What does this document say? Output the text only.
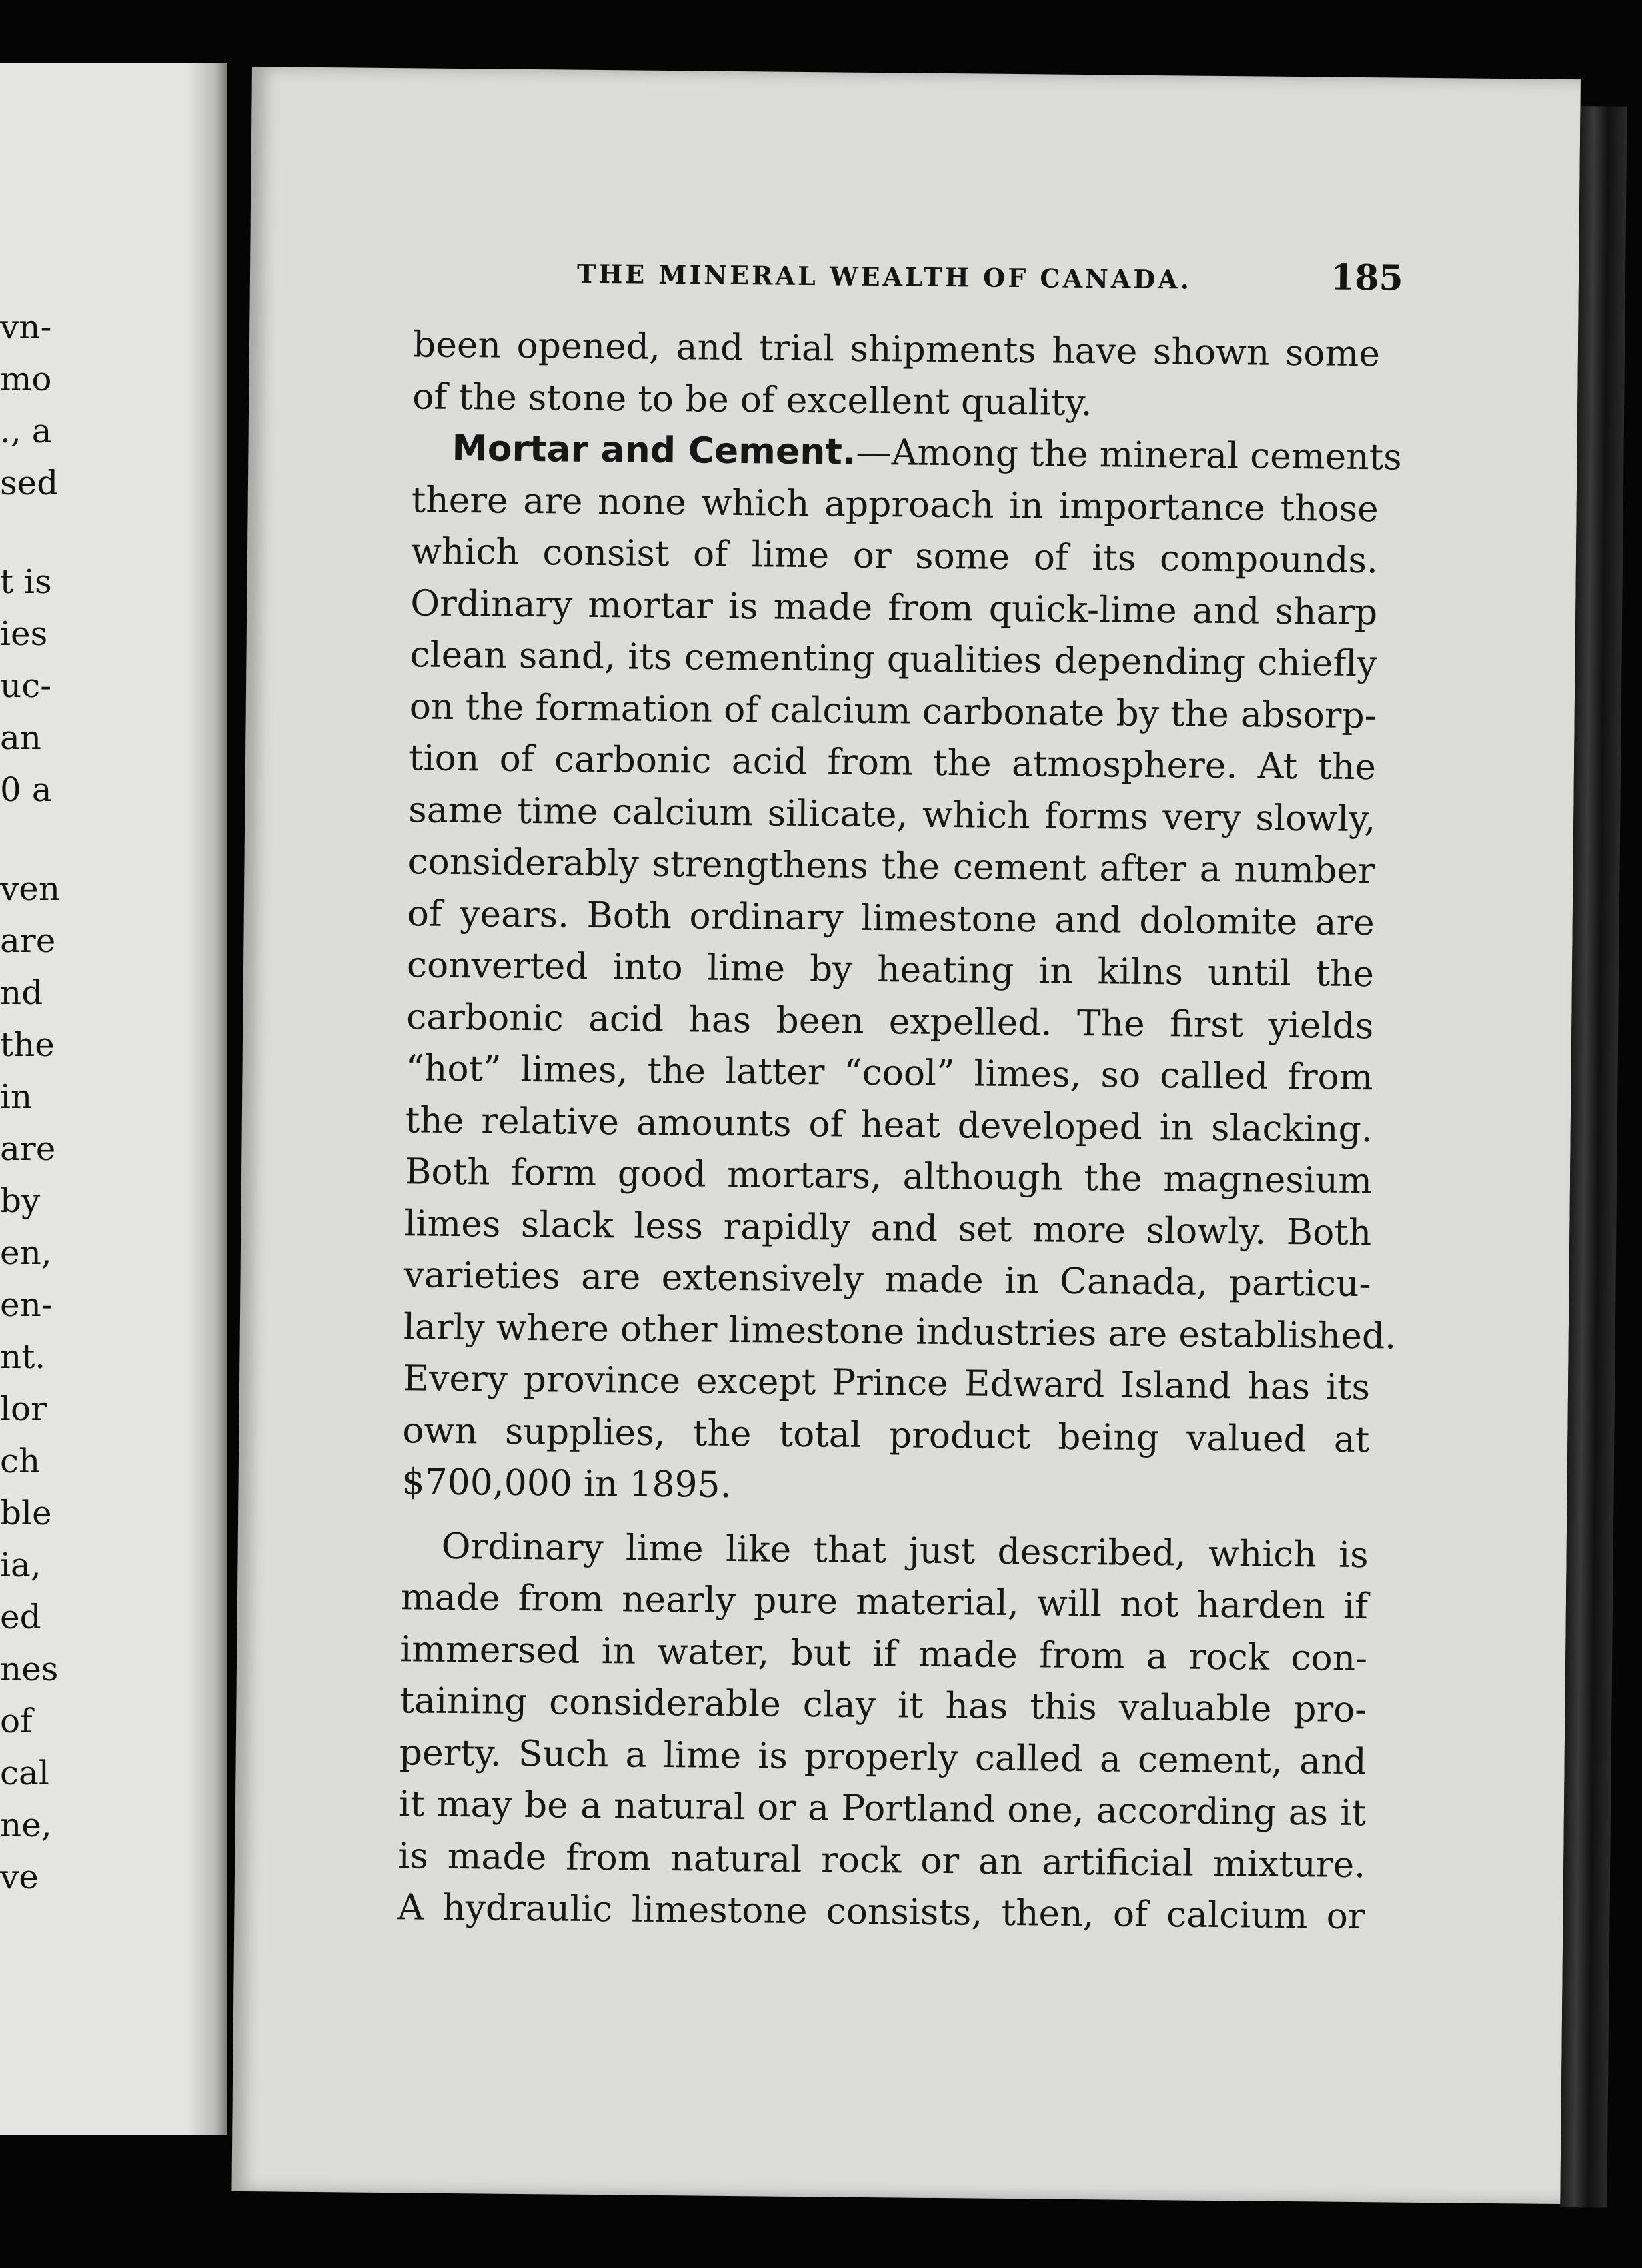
vn-
mo
., a
sed
t is
ies
uc-
an
0 a
ven
are
nd
the
in
are
by
en,
en-
nt.
lor
ch
ble
ia,
ed
nes
of
cal
ne,
ve
THE MINERAL WEALTH OF CANADA.	185

been opened, and trial shipments have shown some
of the stone to be of excellent quality.

Mortar and Cement.—Among the mineral cements
there are none which approach in importance those
which consist of lime or some of its compounds.
Ordinary mortar is made from quick-lime and sharp
clean sand, its cementing qualities depending chiefly
on the formation of calcium carbonate by the absorp-
tion of carbonic acid from the atmosphere. At the
same time calcium silicate, which forms very slowly,
considerably strengthens the cement after a number
of years. Both ordinary limestone and dolomite are
converted into lime by heating in kilns until the
carbonic acid has been expelled. The first yields
“hot” limes, the latter “cool” limes, so called from
the relative amounts of heat developed in slacking.
Both form good mortars, although the magnesium
limes slack less rapidly and set more slowly. Both
varieties are extensively made in Canada, particu-
larly where other limestone industries are established.
Every province except Prince Edward Island has its
own supplies, the total product being valued at
$700,000 in 1895.

Ordinary lime like that just described, which is
made from nearly pure material, will not harden if
immersed in water, but if made from a rock con-
taining considerable clay it has this valuable pro-
perty. Such a lime is properly called a cement, and
it may be a natural or a Portland one, according as it
is made from natural rock or an artificial mixture.
A hydraulic limestone consists, then, of calcium or
